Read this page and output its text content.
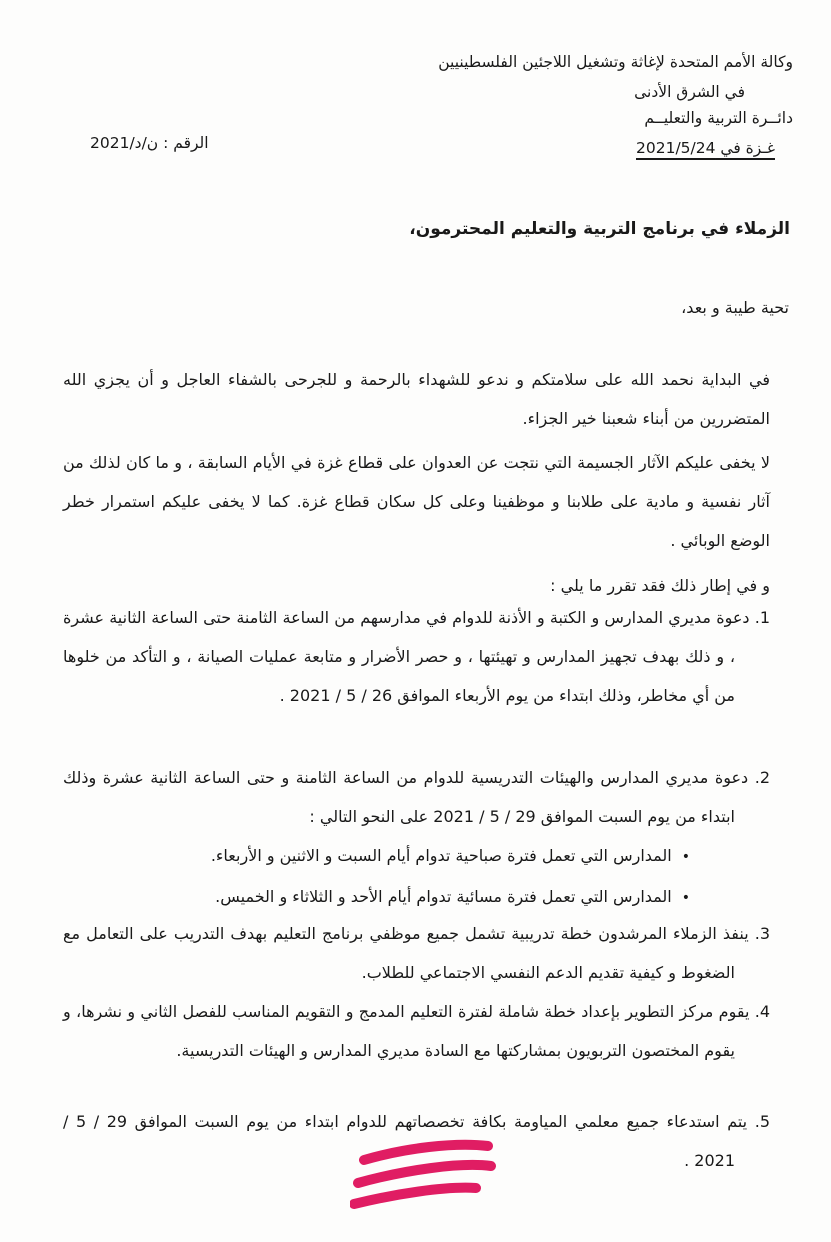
وكالة الأمم المتحدة لإغاثة وتشغيل اللاجئين الفلسطينيين
في الشرق الأدنى
دائــرة التربية والتعليــم
غـزة في 2021/5/24
الرقم : ن/د/2021
الزملاء في برنامج التربية والتعليم المحترمون،
تحية طيبة و بعد،
في البداية نحمد الله على سلامتكم و ندعو للشهداء بالرحمة و للجرحى بالشفاء العاجل و أن يجزي الله المتضررين من أبناء شعبنا خير الجزاء.
لا يخفى عليكم الآثار الجسيمة التي نتجت عن العدوان على قطاع غزة في الأيام السابقة ، و ما كان لذلك من آثار نفسية و مادية على طلابنا و موظفينا وعلى كل سكان قطاع غزة. كما لا يخفى عليكم استمرار خطر الوضع الوبائي .
و في إطار ذلك فقد تقرر ما يلي :
1. دعوة مديري المدارس و الكتبة و الأذنة للدوام في مدارسهم من الساعة الثامنة حتى الساعة الثانية عشرة ، و ذلك بهدف تجهيز المدارس و تهيئتها ، و حصر الأضرار و متابعة عمليات الصيانة ، و التأكد من خلوها من أي مخاطر، وذلك ابتداء من يوم الأربعاء الموافق 26 / 5 / 2021 .
2. دعوة مديري المدارس والهيئات التدريسية للدوام من الساعة الثامنة و حتى الساعة الثانية عشرة وذلك ابتداء من يوم السبت الموافق 29 / 5 / 2021 على النحو التالي :
•المدارس التي تعمل فترة صباحية تدوام أيام السبت و الاثنين و الأربعاء.
•المدارس التي تعمل فترة مسائية تدوام أيام الأحد و الثلاثاء و الخميس.
3. ينفذ الزملاء المرشدون خطة تدريبية تشمل جميع موظفي برنامج التعليم بهدف التدريب على التعامل مع الضغوط و كيفية تقديم الدعم النفسي الاجتماعي للطلاب.
4. يقوم مركز التطوير بإعداد خطة شاملة لفترة التعليم المدمج و التقويم المناسب للفصل الثاني و نشرها، و يقوم المختصون التربويون بمشاركتها مع السادة مديري المدارس و الهيئات التدريسية.
5. يتم استدعاء جميع معلمي المياومة بكافة تخصصاتهم للدوام ابتداء من يوم السبت الموافق 29 / 5 / 2021 .
